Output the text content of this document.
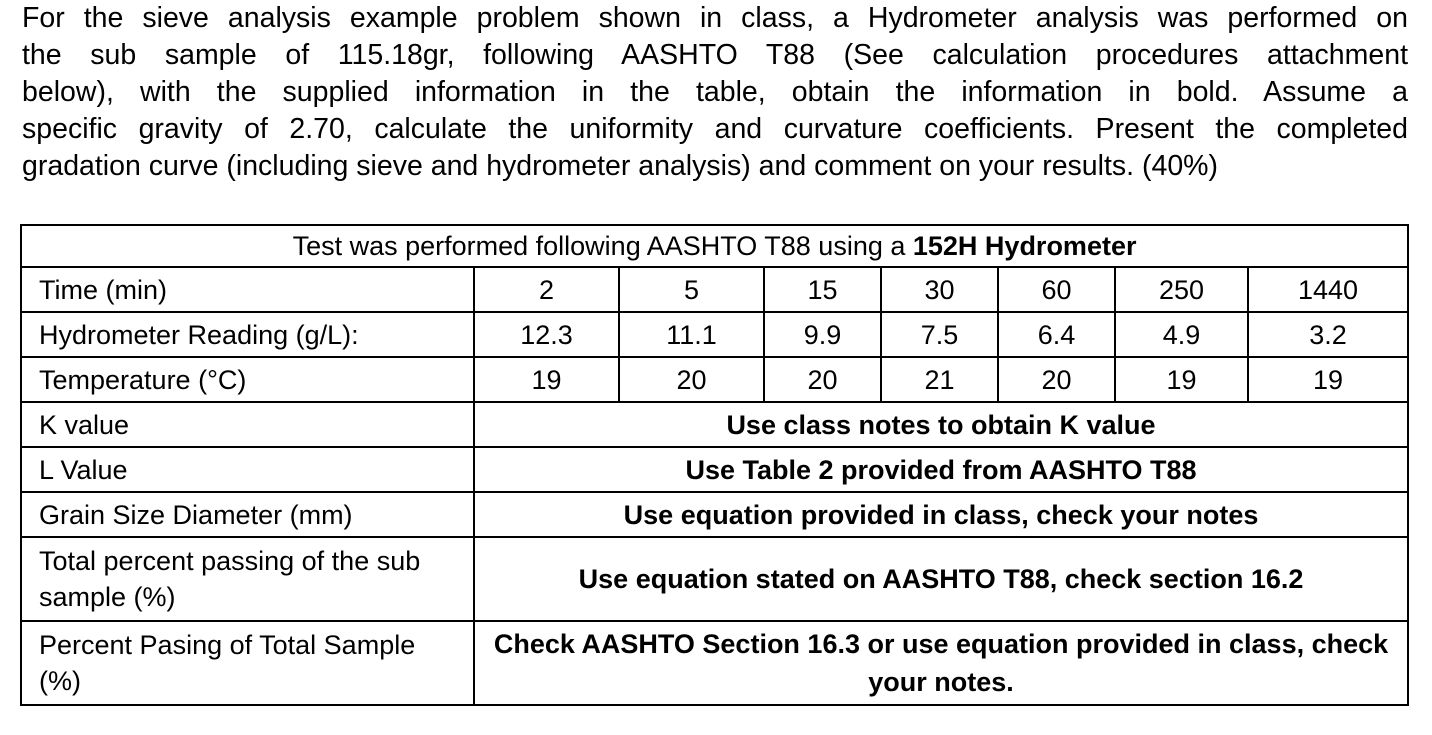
For the sieve analysis example problem shown in class, a Hydrometer analysis was performed on
the sub sample of 115.18gr, following AASHTO T88 (See calculation procedures attachment
below), with the supplied information in the table, obtain the information in bold. Assume a
specific gravity of 2.70, calculate the uniformity and curvature coefficients. Present the completed
gradation curve (including sieve and hydrometer analysis) and comment on your results. (40%)
Test was performed following AASHTO T88 using a 152H Hydrometer							
Time (min)	2	5	15	30	60	250	1440
Hydrometer Reading (g/L):	12.3	11.1	9.9	7.5	6.4	4.9	3.2
Temperature (°C)	19	20	20	21	20	19	19
K value	Use class notes to obtain K value						
L Value	Use Table 2 provided from AASHTO T88						
Grain Size Diameter (mm)	Use equation provided in class, check your notes						
Total percent passing of the sub sample (%)	Use equation stated on AASHTO T88, check section 16.2						
Percent Pasing of Total Sample (%)	Check AASHTO Section 16.3 or use equation provided in class, check your notes.						
